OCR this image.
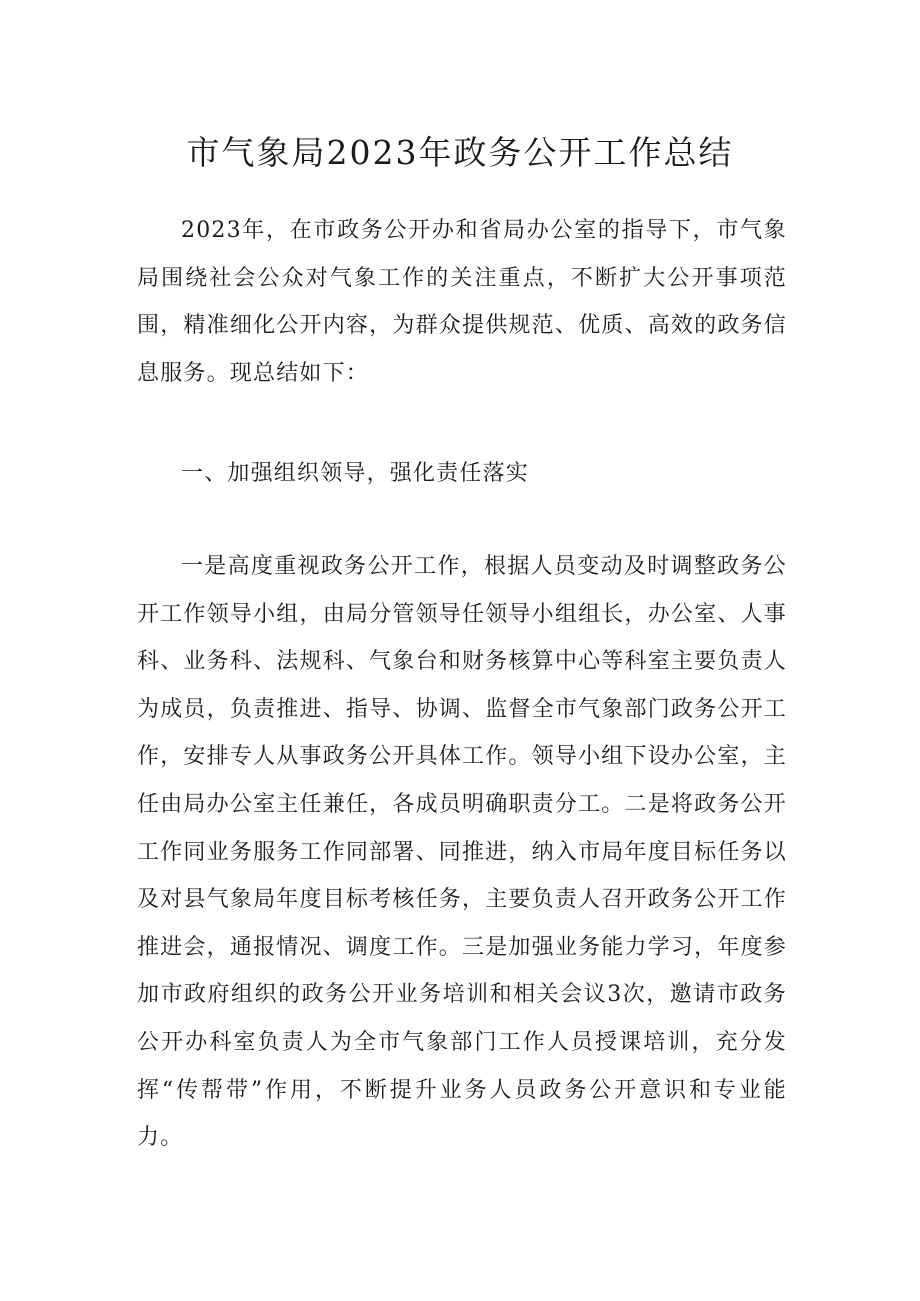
市气象局2023年政务公开工作总结

2023年，在市政务公开办和省局办公室的指导下，市气象局围绕社会公众对气象工作的关注重点，不断扩大公开事项范围，精准细化公开内容，为群众提供规范、优质、高效的政务信息服务。现总结如下：

一、加强组织领导，强化责任落实

一是高度重视政务公开工作，根据人员变动及时调整政务公开工作领导小组，由局分管领导任领导小组组长，办公室、人事科、业务科、法规科、气象台和财务核算中心等科室主要负责人为成员，负责推进、指导、协调、监督全市气象部门政务公开工作，安排专人从事政务公开具体工作。领导小组下设办公室，主任由局办公室主任兼任，各成员明确职责分工。二是将政务公开工作同业务服务工作同部署、同推进，纳入市局年度目标任务以及对县气象局年度目标考核任务，主要负责人召开政务公开工作推进会，通报情况、调度工作。三是加强业务能力学习，年度参加市政府组织的政务公开业务培训和相关会议3次，邀请市政务公开办科室负责人为全市气象部门工作人员授课培训，充分发挥“传帮带”作用，不断提升业务人员政务公开意识和专业能力。
